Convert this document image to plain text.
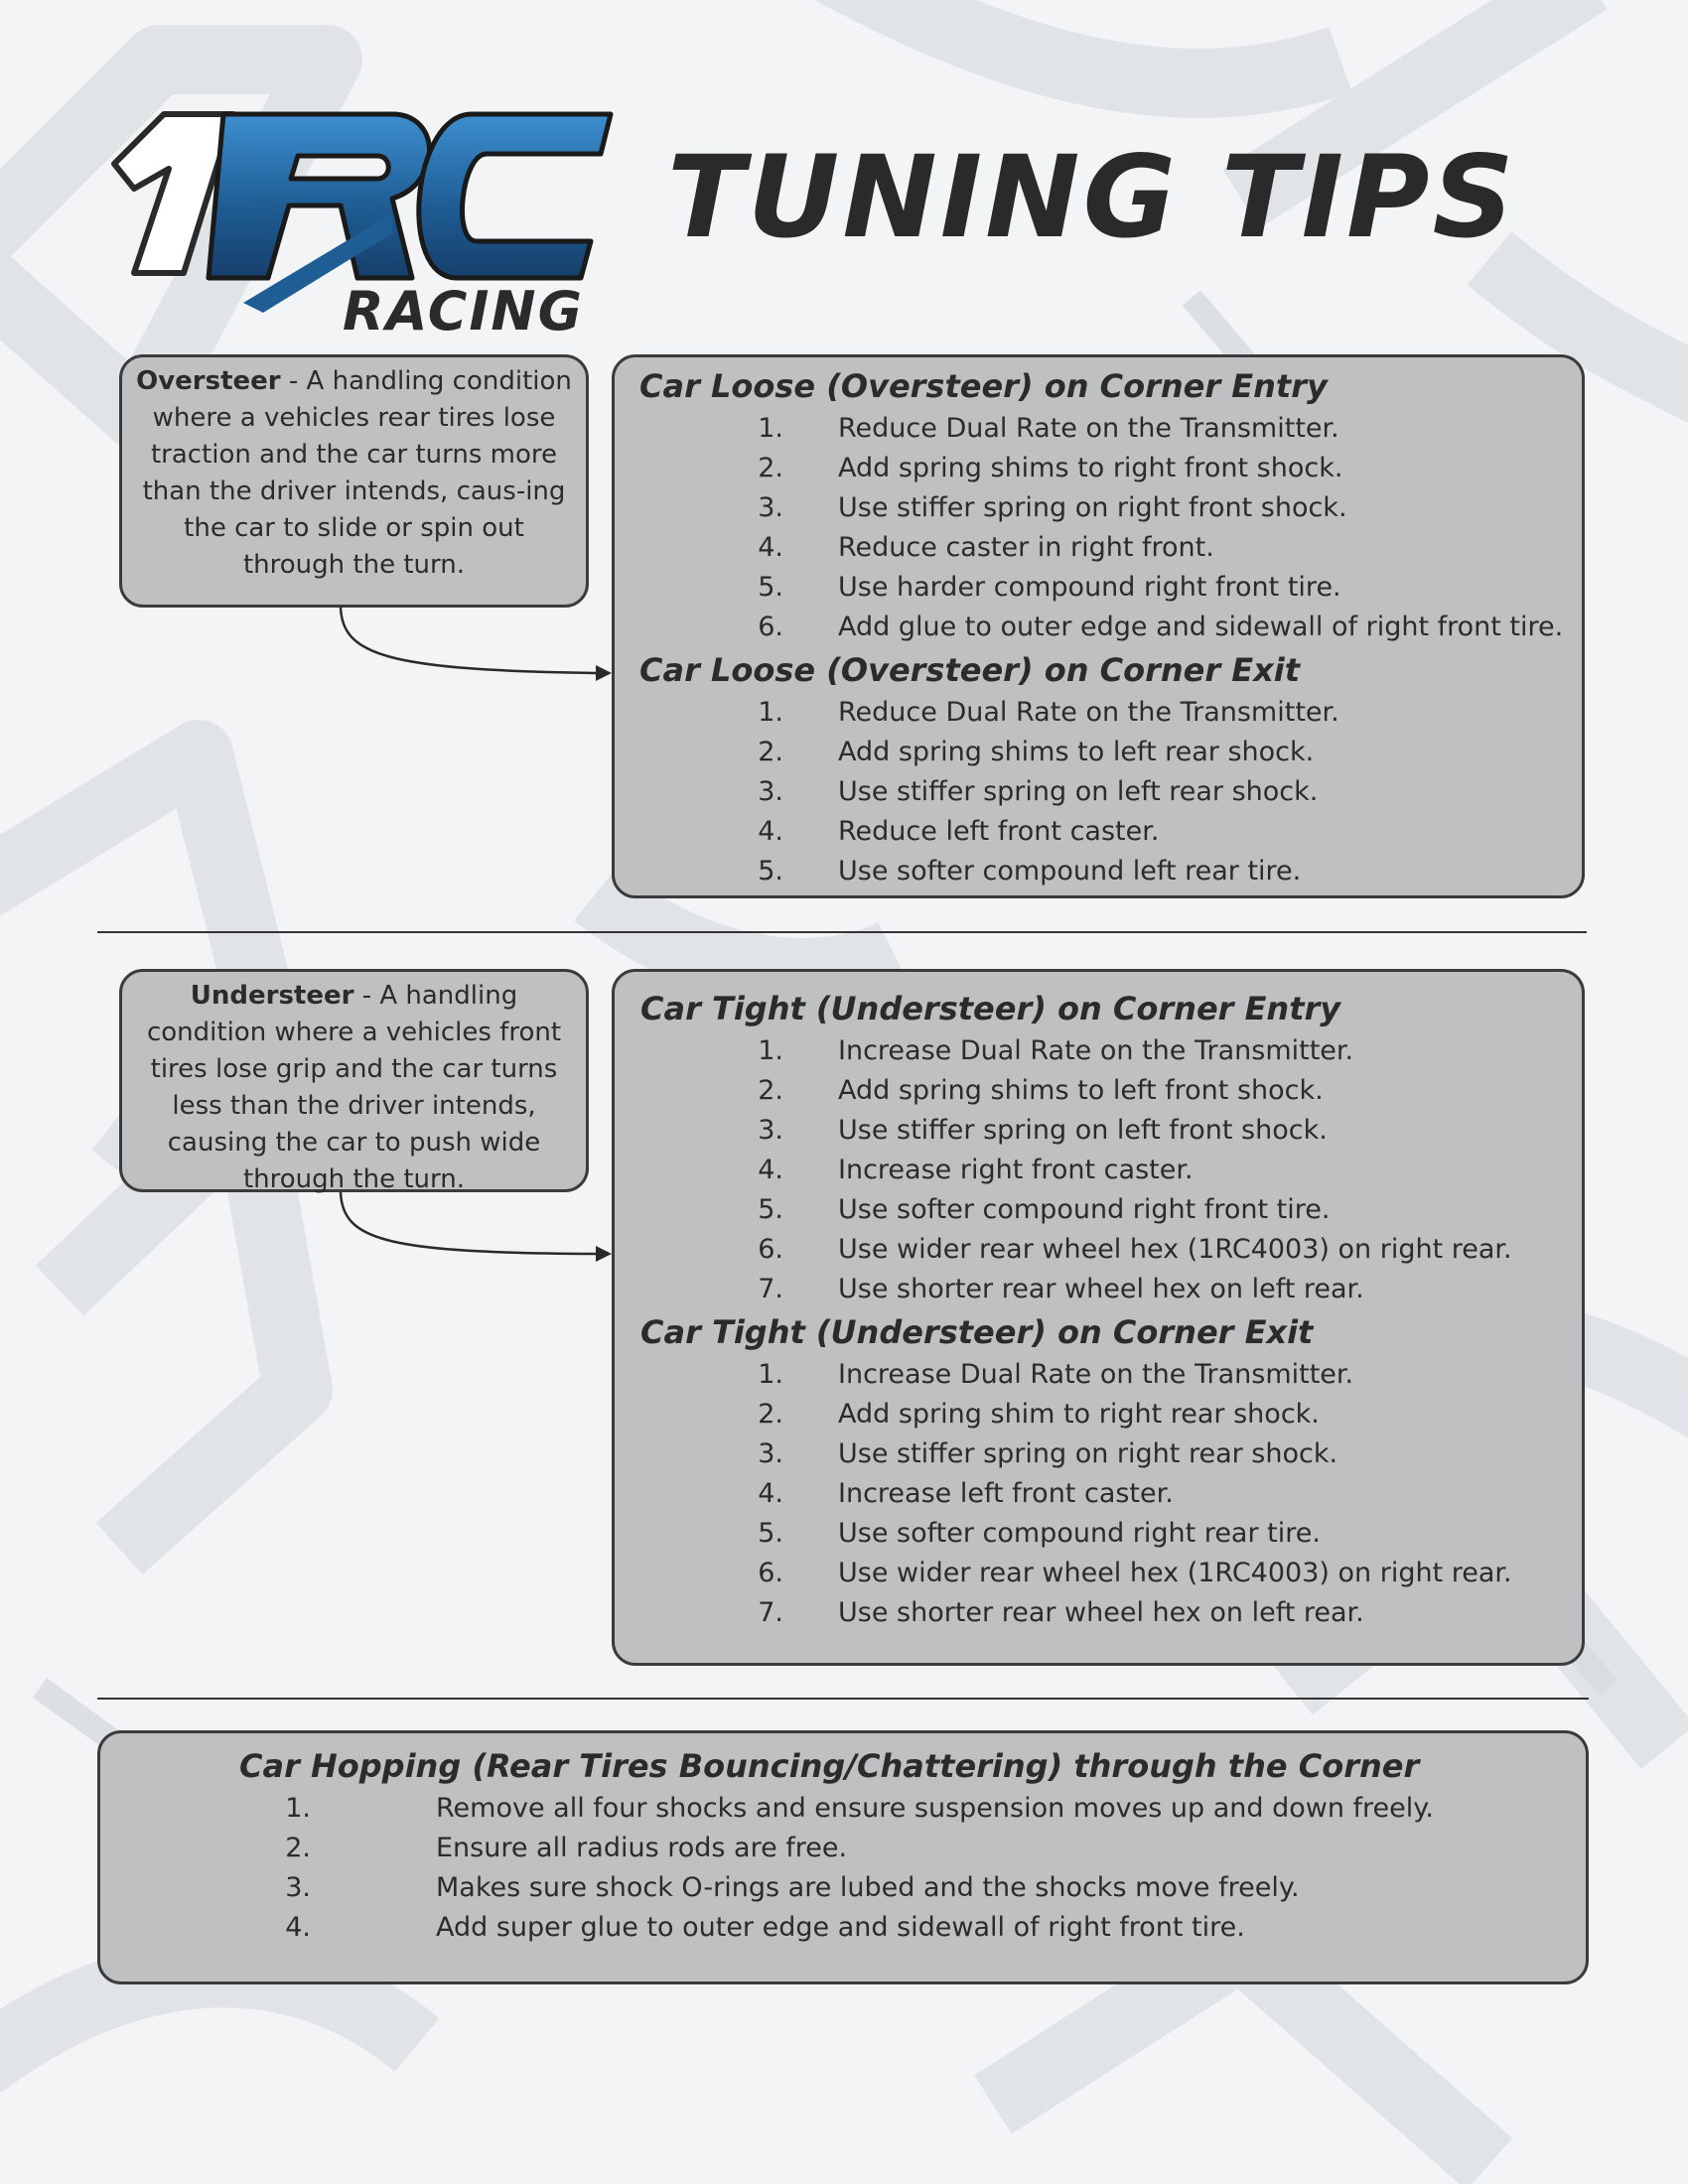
RACING
TUNING TIPS
Oversteer - A handling condition where a vehicles rear tires lose traction and the car turns more than the driver intends, caus-ing the car to slide or spin out through the turn.
Car Loose (Oversteer) on Corner Entry
1. Reduce Dual Rate on the Transmitter.
2. Add spring shims to right front shock.
3. Use stiffer spring on right front shock.
4. Reduce caster in right front.
5. Use harder compound right front tire.
6. Add glue to outer edge and sidewall of right front tire.
Car Loose (Oversteer) on Corner Exit
1. Reduce Dual Rate on the Transmitter.
2. Add spring shims to left rear shock.
3. Use stiffer spring on left rear shock.
4. Reduce left front caster.
5. Use softer compound left rear tire.
Understeer - A handling condition where a vehicles front tires lose grip and the car turns less than the driver intends, causing the car to push wide through the turn.
Car Tight (Understeer) on Corner Entry
1. Increase Dual Rate on the Transmitter.
2. Add spring shims to left front shock.
3. Use stiffer spring on left front shock.
4. Increase right front caster.
5. Use softer compound right front tire.
6. Use wider rear wheel hex (1RC4003) on right rear.
7. Use shorter rear wheel hex on left rear.
Car Tight (Understeer) on Corner Exit
1. Increase Dual Rate on the Transmitter.
2. Add spring shim to right rear shock.
3. Use stiffer spring on right rear shock.
4. Increase left front caster.
5. Use softer compound right rear tire.
6. Use wider rear wheel hex (1RC4003) on right rear.
7. Use shorter rear wheel hex on left rear.
Car Hopping (Rear Tires Bouncing/Chattering) through the Corner
1.	Remove all four shocks and ensure suspension moves up and down freely.
2.	Ensure all radius rods are free.
3.	Makes sure shock O-rings are lubed and the shocks move freely.
4.	Add super glue to outer edge and sidewall of right front tire.
